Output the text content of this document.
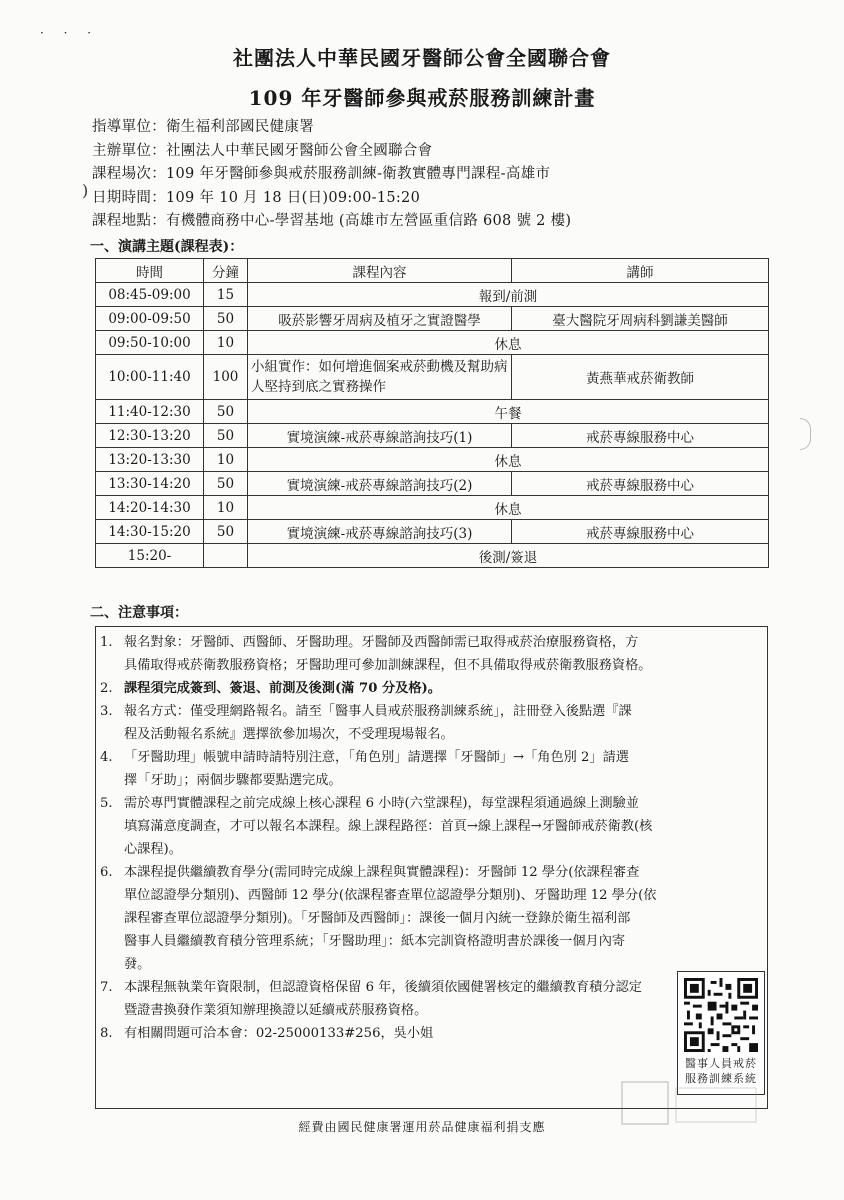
· · ·
社團法人中華民國牙醫師公會全國聯合會
109 年牙醫師參與戒菸服務訓練計畫
)
指導單位：衛生福利部國民健康署
主辦單位：社團法人中華民國牙醫師公會全國聯合會
課程場次：109 年牙醫師參與戒菸服務訓練-衛教實體專門課程-高雄市
日期時間：109 年 10 月 18 日(日)09:00-15:20
課程地點：有機體商務中心-學習基地 (高雄市左營區重信路 608 號 2 樓)
一、演講主題(課程表)：
時間	分鐘	課程內容	講師
08:45-09:00	15	報到/前測	
09:00-09:50	50	吸菸影響牙周病及植牙之實證醫學	臺大醫院牙周病科劉謙美醫師
09:50-10:00	10	休息	
10:00-11:40	100	小組實作：如何增進個案戒菸動機及幫助病人堅持到底之實務操作	黃燕華戒菸衛教師
11:40-12:30	50	午餐	
12:30-13:20	50	實境演練-戒菸專線諮詢技巧(1)	戒菸專線服務中心
13:20-13:30	10	休息	
13:30-14:20	50	實境演練-戒菸專線諮詢技巧(2)	戒菸專線服務中心
14:20-14:30	10	休息	
14:30-15:20	50	實境演練-戒菸專線諮詢技巧(3)	戒菸專線服務中心
15:20-		後測/簽退	
二、注意事項：
1. 報名對象：牙醫師、西醫師、牙醫助理。牙醫師及西醫師需已取得戒菸治療服務資格，方
具備取得戒菸衛教服務資格；牙醫助理可參加訓練課程，但不具備取得戒菸衛教服務資格。
2. 課程須完成簽到、簽退、前測及後測(滿 70 分及格)。
3. 報名方式：僅受理網路報名。請至「醫事人員戒菸服務訓練系統」，註冊登入後點選『課
程及活動報名系統』選擇欲參加場次，不受理現場報名。
4. 「牙醫助理」帳號申請時請特別注意，「角色別」請選擇「牙醫師」→「角色別 2」請選
擇「牙助」；兩個步驟都要點選完成。
5. 需於專門實體課程之前完成線上核心課程 6 小時(六堂課程)，每堂課程須通過線上測驗並
填寫滿意度調查，才可以報名本課程。線上課程路徑：首頁→線上課程→牙醫師戒菸衛教(核
心課程)。
6. 本課程提供繼續教育學分(需同時完成線上課程與實體課程)：牙醫師 12 學分(依課程審查
單位認證學分類別)、西醫師 12 學分(依課程審查單位認證學分類別)、牙醫助理 12 學分(依
課程審查單位認證學分類別)。「牙醫師及西醫師」：課後一個月內統一登錄於衛生福利部
醫事人員繼續教育積分管理系統；「牙醫助理」：紙本完訓資格證明書於課後一個月內寄
發。
7. 本課程無執業年資限制，但認證資格保留 6 年，後續須依國健署核定的繼續教育積分認定
暨證書換發作業須知辦理換證以延續戒菸服務資格。
8. 有相關問題可洽本會：02-25000133#256，吳小姐
醫事人員戒菸服務訓練系統
經費由國民健康署運用菸品健康福利捐支應
